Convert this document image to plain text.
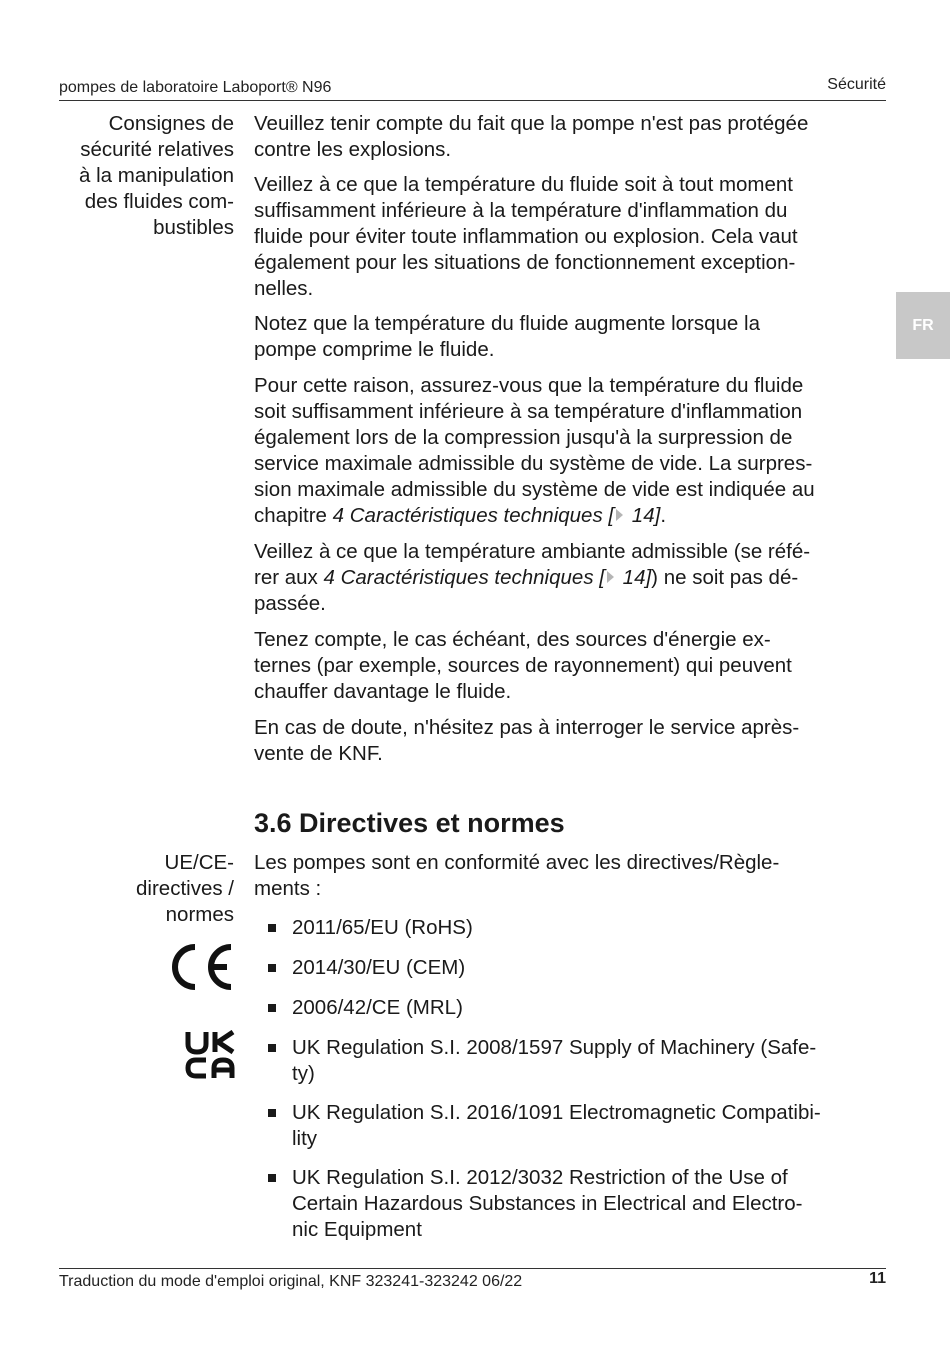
pompes de laboratoire Laboport® N96	Sécurité
FR
Consignes de
sécurité relatives
à la manipulation
des fluides com-
bustibles
Veuillez tenir compte du fait que la pompe n'est pas protégée
contre les explosions.
Veillez à ce que la température du fluide soit à tout moment
suffisamment inférieure à la température d'inflammation du
fluide pour éviter toute inflammation ou explosion. Cela vaut
également pour les situations de fonctionnement exception-
nelles.
Notez que la température du fluide augmente lorsque la
pompe comprime le fluide.
Pour cette raison, assurez-vous que la température du fluide
soit suffisamment inférieure à sa température d'inflammation
également lors de la compression jusqu'à la surpression de
service maximale admissible du système de vide. La surpres-
sion maximale admissible du système de vide est indiquée au
chapitre 4 Caractéristiques techniques [ 14].
Veillez à ce que la température ambiante admissible (se réfé-
rer aux 4 Caractéristiques techniques [ 14]) ne soit pas dé-
passée.
Tenez compte, le cas échéant, des sources d'énergie ex-
ternes (par exemple, sources de rayonnement) qui peuvent
chauffer davantage le fluide.
En cas de doute, n'hésitez pas à interroger le service après-
vente de KNF.
3.6 Directives et normes
UE/CE-
directives /
normes
Les pompes sont en conformité avec les directives/Règle-
ments :
2011/65/EU (RoHS)
2014/30/EU (CEM)
2006/42/CE (MRL)
UK Regulation S.I. 2008/1597 Supply of Machinery (Safe-
ty)
UK Regulation S.I. 2016/1091 Electromagnetic Compatibi-
lity
UK Regulation S.I. 2012/3032 Restriction of the Use of
Certain Hazardous Substances in Electrical and Electro-
nic Equipment
Traduction du mode d'emploi original, KNF 323241-323242 06/22	11
